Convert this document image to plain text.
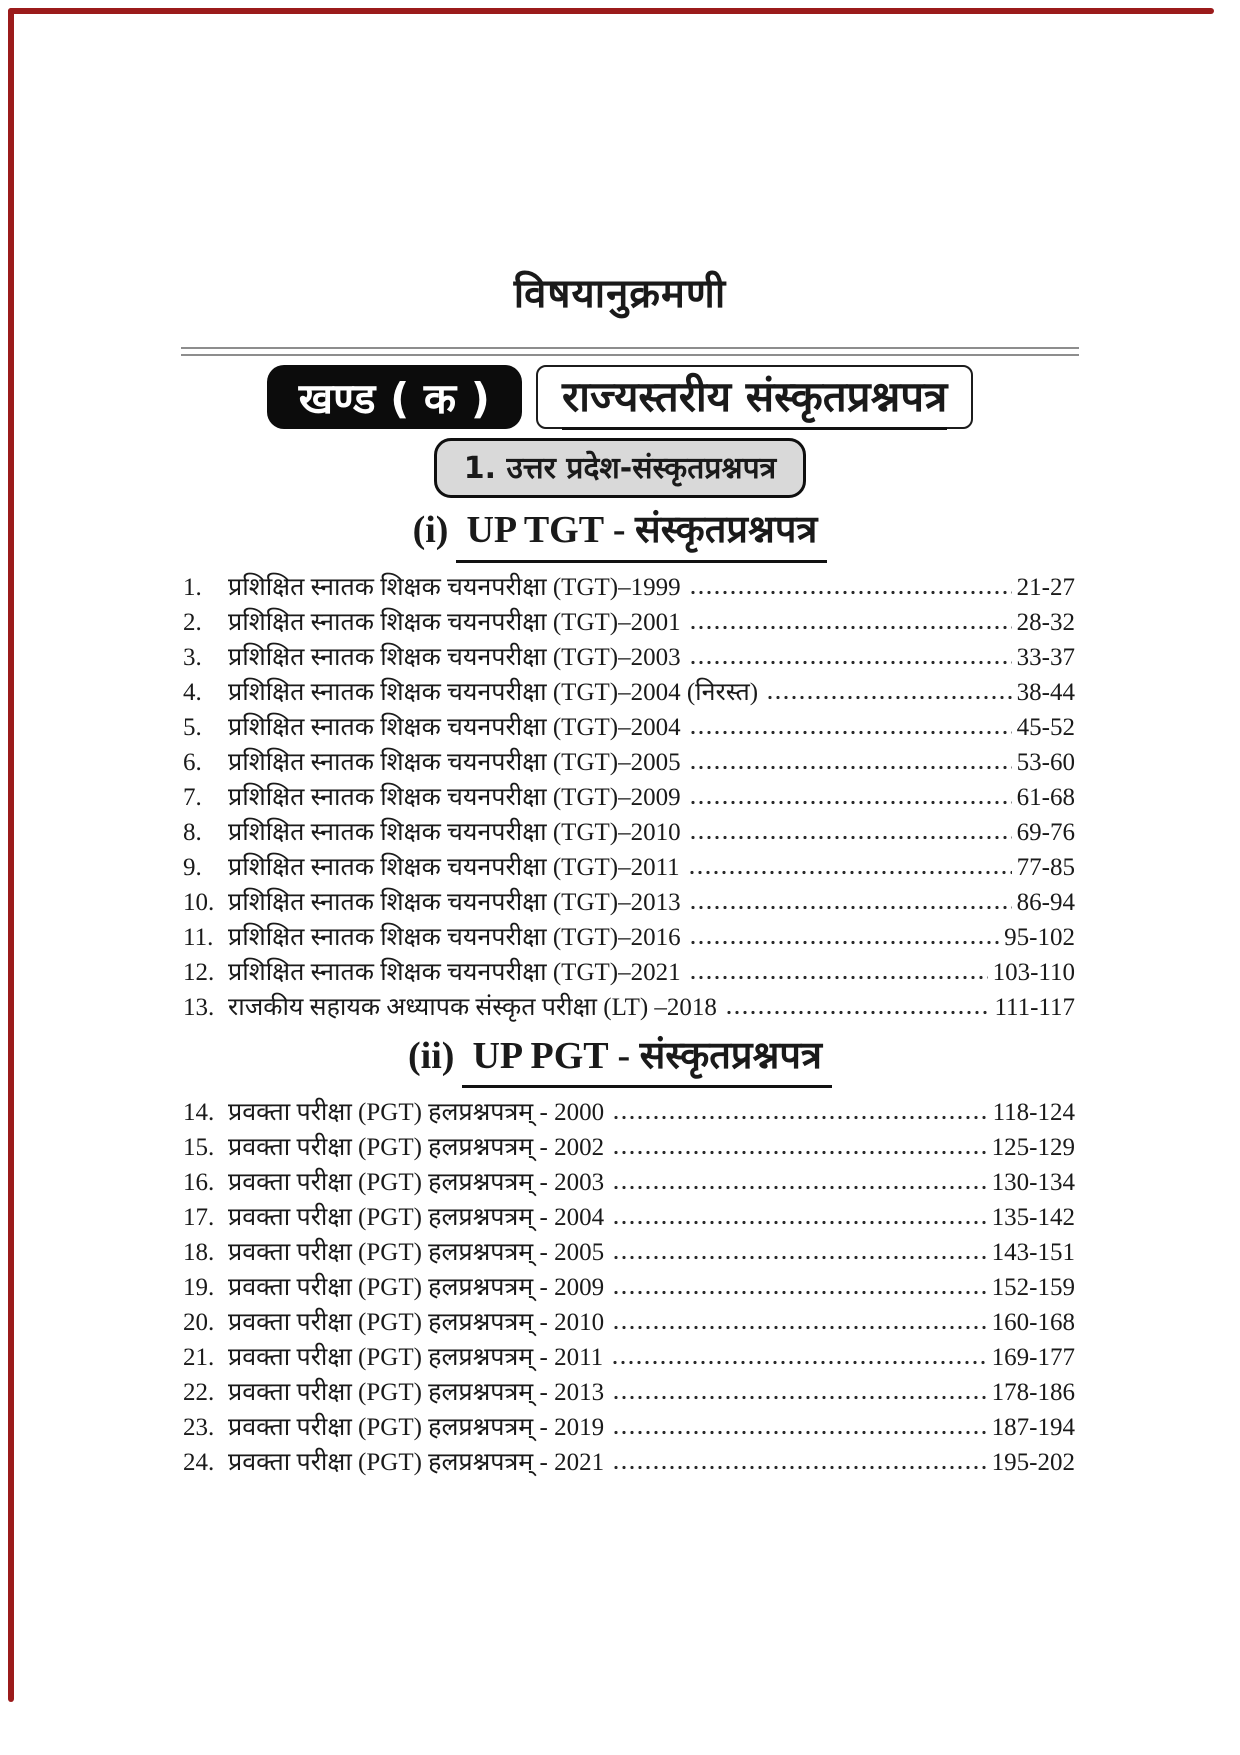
विषयानुक्रमणी
खण्ड ( क )	राज्यस्तरीय संस्कृतप्रश्नपत्र
1. उत्तर प्रदेश-संस्कृतप्रश्नपत्र
(i) UP TGT - संस्कृतप्रश्नपत्र
1.	प्रशिक्षित स्नातक शिक्षक चयनपरीक्षा (TGT)–1999	21-27
2.	प्रशिक्षित स्नातक शिक्षक चयनपरीक्षा (TGT)–2001	28-32
3.	प्रशिक्षित स्नातक शिक्षक चयनपरीक्षा (TGT)–2003	33-37
4.	प्रशिक्षित स्नातक शिक्षक चयनपरीक्षा (TGT)–2004 (निरस्त)	38-44
5.	प्रशिक्षित स्नातक शिक्षक चयनपरीक्षा (TGT)–2004	45-52
6.	प्रशिक्षित स्नातक शिक्षक चयनपरीक्षा (TGT)–2005	53-60
7.	प्रशिक्षित स्नातक शिक्षक चयनपरीक्षा (TGT)–2009	61-68
8.	प्रशिक्षित स्नातक शिक्षक चयनपरीक्षा (TGT)–2010	69-76
9.	प्रशिक्षित स्नातक शिक्षक चयनपरीक्षा (TGT)–2011	77-85
10. प्रशिक्षित स्नातक शिक्षक चयनपरीक्षा (TGT)–2013	86-94
11. प्रशिक्षित स्नातक शिक्षक चयनपरीक्षा (TGT)–2016	95-102
12. प्रशिक्षित स्नातक शिक्षक चयनपरीक्षा (TGT)–2021	103-110
13. राजकीय सहायक अध्यापक संस्कृत परीक्षा (LT) –2018	111-117
(ii) UP PGT - संस्कृतप्रश्नपत्र
14. प्रवक्ता परीक्षा (PGT) हलप्रश्नपत्रम् - 2000	118-124
15. प्रवक्ता परीक्षा (PGT) हलप्रश्नपत्रम् - 2002	125-129
16. प्रवक्ता परीक्षा (PGT) हलप्रश्नपत्रम् - 2003	130-134
17. प्रवक्ता परीक्षा (PGT) हलप्रश्नपत्रम् - 2004	135-142
18. प्रवक्ता परीक्षा (PGT) हलप्रश्नपत्रम् - 2005	143-151
19. प्रवक्ता परीक्षा (PGT) हलप्रश्नपत्रम् - 2009	152-159
20. प्रवक्ता परीक्षा (PGT) हलप्रश्नपत्रम् - 2010	160-168
21. प्रवक्ता परीक्षा (PGT) हलप्रश्नपत्रम् - 2011	169-177
22. प्रवक्ता परीक्षा (PGT) हलप्रश्नपत्रम् - 2013	178-186
23. प्रवक्ता परीक्षा (PGT) हलप्रश्नपत्रम् - 2019	187-194
24. प्रवक्ता परीक्षा (PGT) हलप्रश्नपत्रम् - 2021	195-202
